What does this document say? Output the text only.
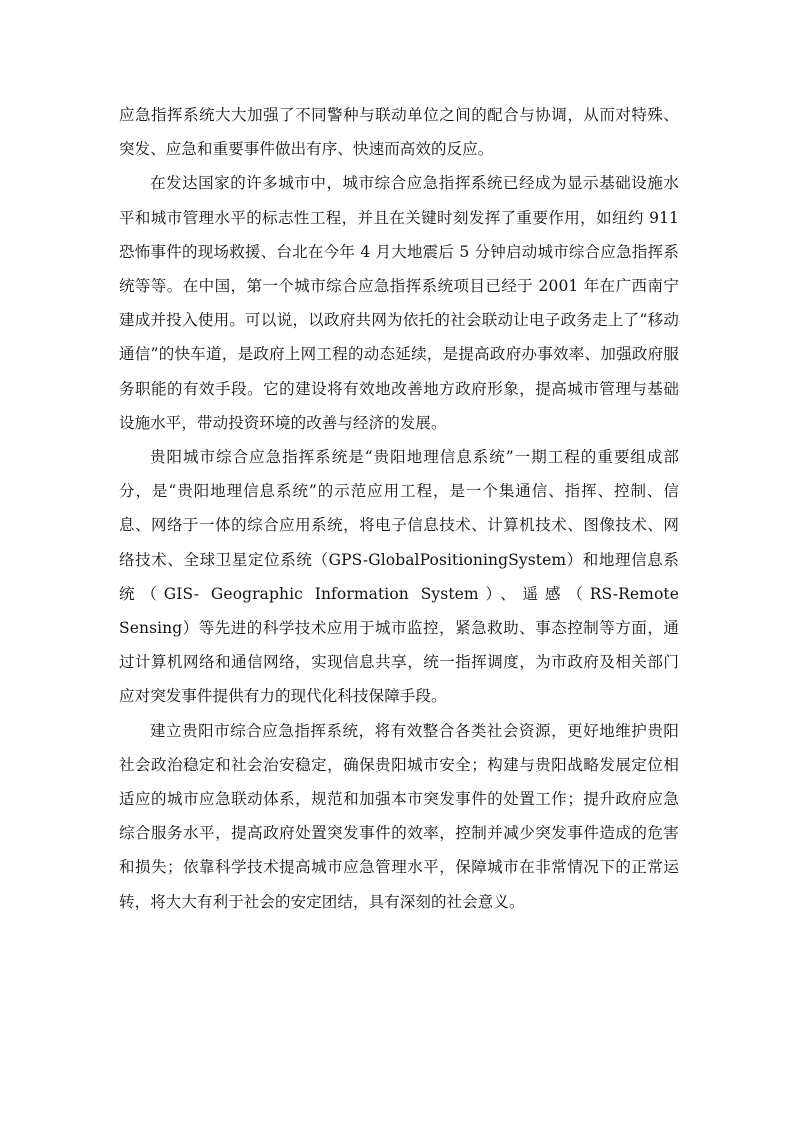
应急指挥系统大大加强了不同警种与联动单位之间的配合与协调，从而对特殊、突发、应急和重要事件做出有序、快速而高效的反应。

在发达国家的许多城市中，城市综合应急指挥系统已经成为显示基础设施水平和城市管理水平的标志性工程，并且在关键时刻发挥了重要作用，如纽约 911 恐怖事件的现场救援、台北在今年 4 月大地震后 5 分钟启动城市综合应急指挥系统等等。在中国，第一个城市综合应急指挥系统项目已经于 2001 年在广西南宁建成并投入使用。可以说，以政府共网为依托的社会联动让电子政务走上了“移动通信”的快车道，是政府上网工程的动态延续，是提高政府办事效率、加强政府服务职能的有效手段。它的建设将有效地改善地方政府形象，提高城市管理与基础设施水平，带动投资环境的改善与经济的发展。

贵阳城市综合应急指挥系统是“贵阳地理信息系统”一期工程的重要组成部分，是“贵阳地理信息系统”的示范应用工程，是一个集通信、指挥、控制、信息、网络于一体的综合应用系统，将电子信息技术、计算机技术、图像技术、网络技术、全球卫星定位系统（GPS-GlobalPositioningSystem）和地理信息系统（GIS- Geographic Information System）、遥感（RS-Remote Sensing）等先进的科学技术应用于城市监控，紧急救助、事态控制等方面，通过计算机网络和通信网络，实现信息共享，统一指挥调度，为市政府及相关部门应对突发事件提供有力的现代化科技保障手段。

建立贵阳市综合应急指挥系统，将有效整合各类社会资源，更好地维护贵阳社会政治稳定和社会治安稳定，确保贵阳城市安全；构建与贵阳战略发展定位相适应的城市应急联动体系，规范和加强本市突发事件的处置工作；提升政府应急综合服务水平，提高政府处置突发事件的效率，控制并减少突发事件造成的危害和损失；依靠科学技术提高城市应急管理水平，保障城市在非常情况下的正常运转，将大大有利于社会的安定团结，具有深刻的社会意义。
